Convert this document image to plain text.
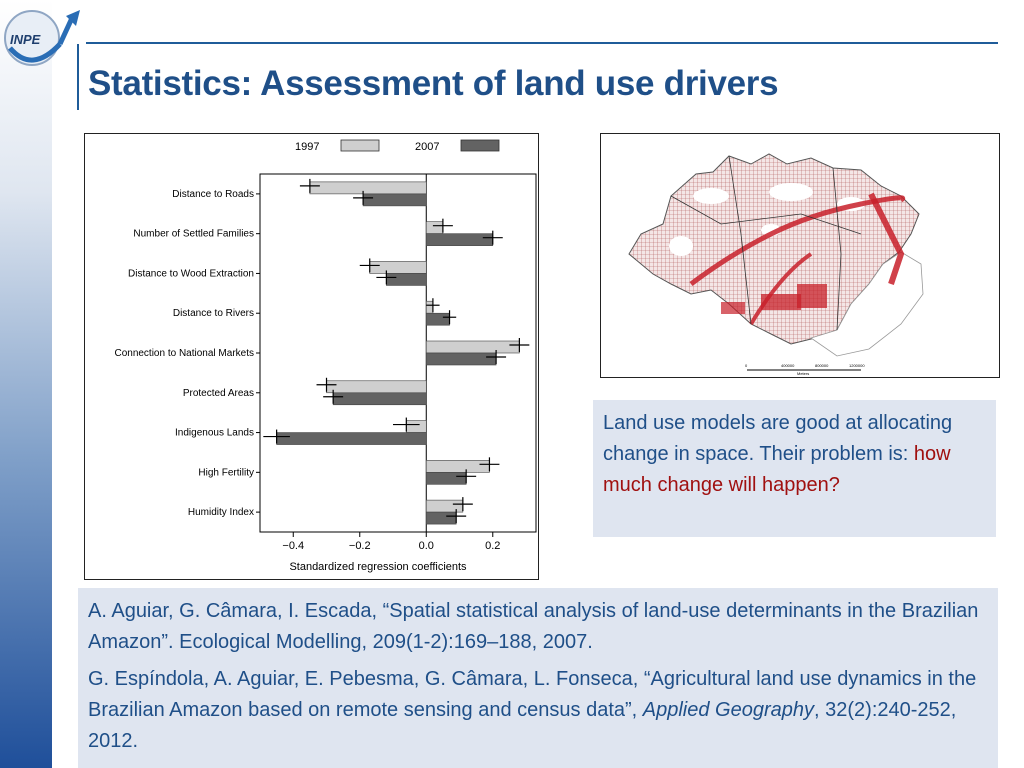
INPE
Statistics: Assessment of land use drivers
1997	2007
Distance to Roads
Number of Settled Families
Distance to Wood Extraction
Distance to Rivers
Connection to National Markets
Protected Areas
Indigenous Lands
High Fertility
Humidity Index
−0.4	−0.2	0.0	0.2
Standardized regression coefficients
0	400000	800000	1200000
Meters
Land use models are good at allocating change in space. Their problem is: how much change will happen?

A. Aguiar, G. Câmara, I. Escada, “Spatial statistical analysis of land-use determinants in the Brazilian Amazon”. Ecological Modelling, 209(1-2):169–188, 2007.

G. Espíndola, A. Aguiar, E. Pebesma, G. Câmara, L. Fonseca, “Agricultural land use dynamics in the Brazilian Amazon based on remote sensing and census data”, Applied Geography, 32(2):240-252, 2012.
